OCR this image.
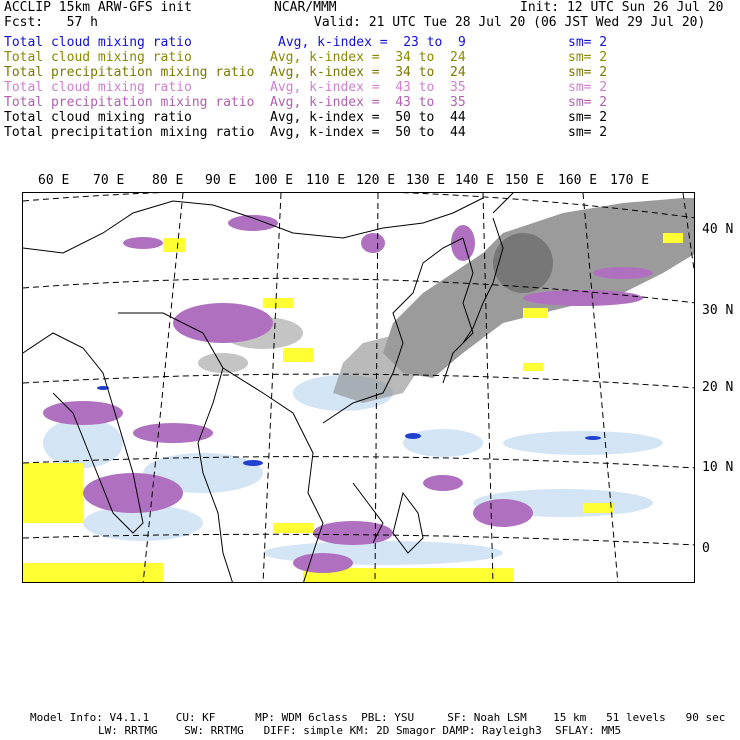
ACCLIP 15km ARW-GFS init	NCAR/MMM	Init: 12 UTC Sun 26 Jul 20
Fcst:   57 h	Valid: 21 UTC Tue 28 Jul 20 (06 JST Wed 29 Jul 20)
Total cloud mixing ratio	Avg, k-index =  23 to  9	sm= 2
Total cloud mixing ratio	Avg, k-index =  34 to  24	sm= 2
Total precipitation mixing ratio Avg, k-index =  34 to  24	sm= 2
Total cloud mixing ratio	Avg, k-index =  43 to  35	sm= 2
Total precipitation mixing ratio Avg, k-index =  43 to  35	sm= 2
Total cloud mixing ratio	Avg, k-index =  50 to  44	sm= 2
Total precipitation mixing ratio Avg, k-index =  50 to  44	sm= 2
60 E 70 E 80 E 90 E 100 E 110 E 120 E 130 E 140 E 150 E 160 E 170 E
40 N
30 N
20 N
10 N
0
Model Info: V4.1.1    CU: KF      MP: WDM 6class  PBL: YSU     SF: Noah LSM    15 km   51 levels   90 sec
LW: RRTMG    SW: RRTMG   DIFF: simple KM: 2D Smagor DAMP: Rayleigh3  SFLAY: MM5
